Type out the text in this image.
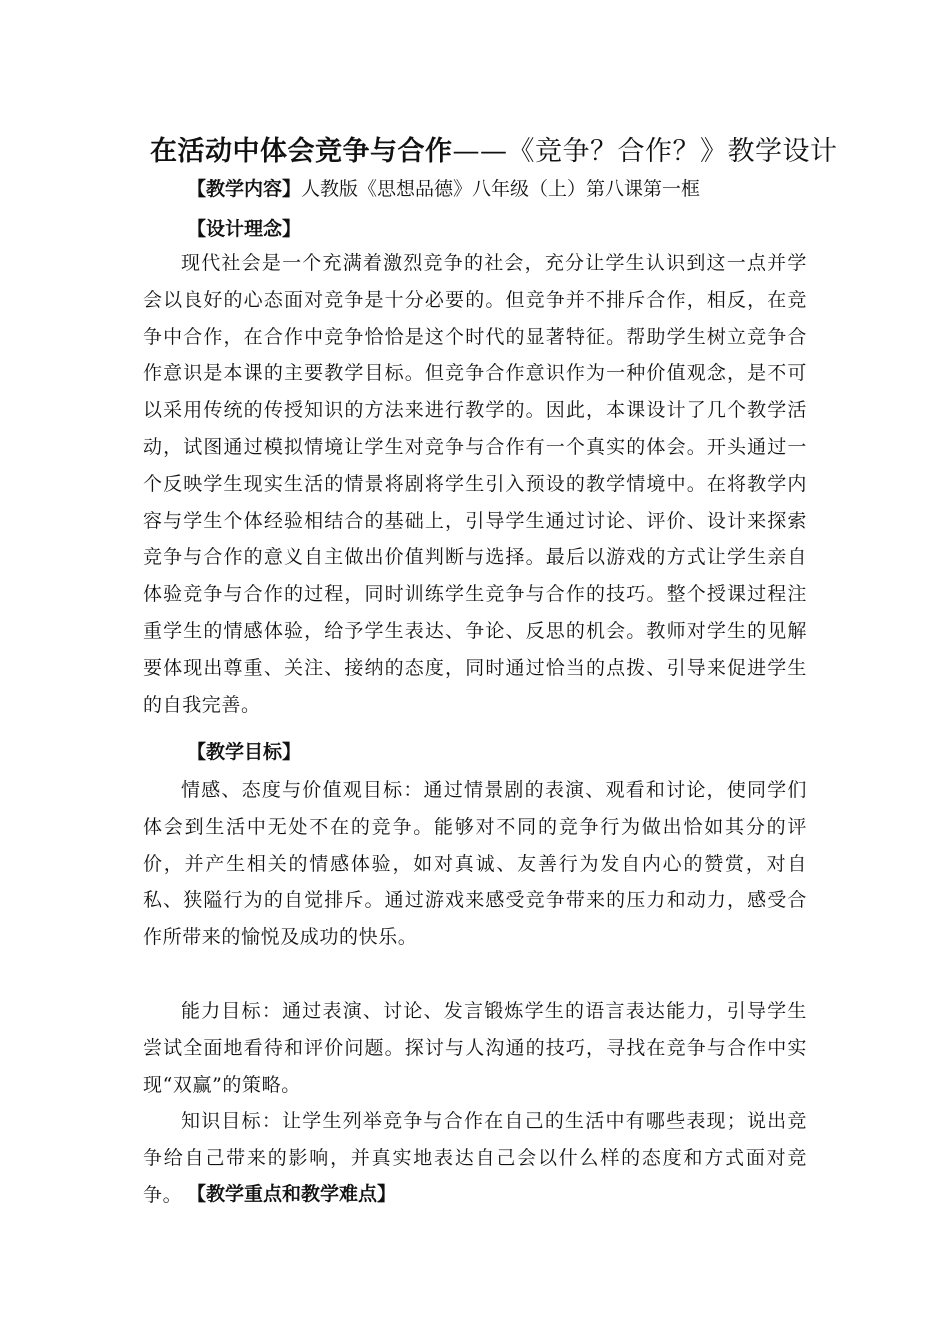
在活动中体会竞争与合作——《竞争？合作？》教学设计
【教学内容】人教版《思想品德》八年级（上）第八课第一框
【设计理念】
现代社会是一个充满着激烈竞争的社会，充分让学生认识到这一点并学会以良好的心态面对竞争是十分必要的。但竞争并不排斥合作，相反，在竞争中合作，在合作中竞争恰恰是这个时代的显著特征。帮助学生树立竞争合作意识是本课的主要教学目标。但竞争合作意识作为一种价值观念，是不可以采用传统的传授知识的方法来进行教学的。因此，本课设计了几个教学活动，试图通过模拟情境让学生对竞争与合作有一个真实的体会。开头通过一个反映学生现实生活的情景将剧将学生引入预设的教学情境中。在将教学内容与学生个体经验相结合的基础上，引导学生通过讨论、评价、设计来探索竞争与合作的意义自主做出价值判断与选择。最后以游戏的方式让学生亲自体验竞争与合作的过程，同时训练学生竞争与合作的技巧。整个授课过程注重学生的情感体验，给予学生表达、争论、反思的机会。教师对学生的见解要体现出尊重、关注、接纳的态度，同时通过恰当的点拨、引导来促进学生的自我完善。
【教学目标】
情感、态度与价值观目标：通过情景剧的表演、观看和讨论，使同学们体会到生活中无处不在的竞争。能够对不同的竞争行为做出恰如其分的评价，并产生相关的情感体验，如对真诚、友善行为发自内心的赞赏，对自私、狭隘行为的自觉排斥。通过游戏来感受竞争带来的压力和动力，感受合作所带来的愉悦及成功的快乐。
能力目标：通过表演、讨论、发言锻炼学生的语言表达能力，引导学生尝试全面地看待和评价问题。探讨与人沟通的技巧，寻找在竞争与合作中实现“双赢”的策略。
知识目标：让学生列举竞争与合作在自己的生活中有哪些表现；说出竞争给自己带来的影响，并真实地表达自己会以什么样的态度和方式面对竞争。 【教学重点和教学难点】
